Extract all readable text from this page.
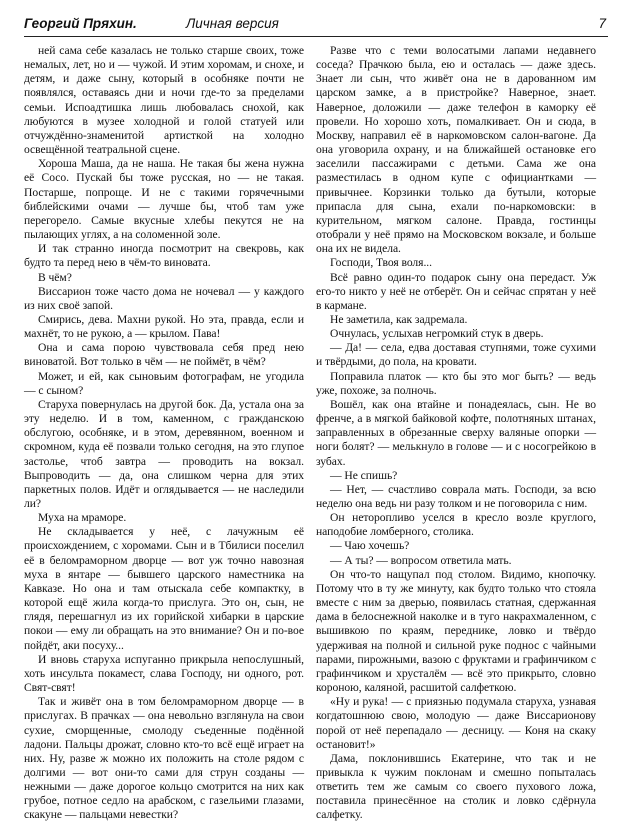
Георгий Пряхин.	Личная версия	7

ней сама себе казалась не только старше своих, тоже немалых, лет, но и — чужой. И этим хоромам, и снохе, и детям, и даже сыну, который в особняке почти не появлялся, оставаясь дни и ночи где-то за пределами семьи. Испоадтишка лишь любовалась снохой, как любуются в музее холодной и голой статуей или отчуждённо-знаменитой артисткой на холодно освещённой театральной сцене.

Хороша Маша, да не наша. Не такая бы жена нужна её Сосо. Пускай бы тоже русская, но — не такая. Постарше, попроще. И не с такими горячечными библейскими очами — лучше бы, чтоб там уже перегорело. Самые вкусные хлебы пекутся не на пылающих углях, а на соломенной золе.

И так странно иногда посмотрит на свекровь, как будто та перед нею в чём-то виновата.

В чём?

Виссарион тоже часто дома не ночевал — у каждого из них своё запой.

Смирись, дева. Махни рукой. Но эта, правда, если и махнёт, то не рукою, а — крылом. Пава!

Она и сама порою чувствовала себя пред нею виноватой. Вот только в чём — не поймёт, в чём?

Может, и ей, как сыновьим фотографам, не угодила — с сыном?

Старуха повернулась на другой бок. Да, устала она за эту неделю. И в том, каменном, с гражданскою обслугою, особняке, и в этом, деревянном, военном и скромном, куда её позвали только сегодня, на это глупое застолье, чтоб завтра — проводить на вокзал. Выпроводить — да, она слишком черна для этих паркетных полов. Идёт и оглядывается — не наследили ли?

Муха на мраморе.

Не складывается у неё, с лачужным её происхождением, с хоромами. Сын и в Тбилиси поселил её в беломраморном дворце — вот уж точно навозная муха в янтаре — бывшего царского наместника на Кавказе. Но она и там отыскала себе компактку, в которой ещё жила когда-то прислуга. Это он, сын, не глядя, перешагнул из их горийской хибарки в царские покои — ему ли обращать на это внимание? Он и по-вое пойдёт, аки посуху...

И вновь старуха испуганно прикрыла непослушный, хоть инсульта покамест, слава Господу, ни одного, рот. Свят-свят!

Так и живёт она в том беломраморном дворце — в прислугах. В прачках — она невольно взглянула на свои сухие, сморщенные, смолоду съеденные подённой ладони. Пальцы дрожат, словно кто-то всё ещё играет на них. Ну, разве ж можно их положить на столе рядом с долгими — вот они-то сами для струн созданы — нежными — даже дорогое кольцо смотрится на них как грубое, потное седло на арабском, с газельими глазами, скакуне — пальцами невестки?

Разве что с теми волосатыми лапами недавнего соседа? Прачкою была, ею и осталась — даже здесь. Знает ли сын, что живёт она не в дарованном им царском замке, а в пристройке? Наверное, знает. Наверное, доложили — даже телефон в каморку её провели. Но хорошо хоть, помалкивает. Он и сюда, в Москву, направил её в наркомовском салон-вагоне. Да она уговорила охрану, и на ближайшей остановке его заселили пассажирами с детьми. Сама же она разместилась в одном купе с официантками — привычнее. Корзинки только да бутыли, которые припасла для сына, ехали по-наркомовски: в курительном, мягком салоне. Правда, гостинцы отобрали у неё прямо на Московском вокзале, и больше она их не видела.

Господи, Твоя воля...

Всё равно один-то подарок сыну она передаст. Уж его-то никто у неё не отберёт. Он и сейчас спрятан у неё в кармане.

Не заметила, как задремала.

Очнулась, услыхав негромкий стук в дверь.

— Да! — села, едва доставая ступнями, тоже сухими и твёрдыми, до пола, на кровати.

Поправила платок — кто бы это мог быть? — ведь уже, похоже, за полночь.

Вошёл, как она втайне и понадеялась, сын. Не во френче, а в мягкой байковой кофте, полотняных штанах, заправленных в обрезанные сверху валяные опорки — ноги болят? — мелькнуло в голове — и с носогрейкою в зубах.

— Не спишь?

— Нет, — счастливо соврала мать. Господи, за всю неделю она ведь ни разу толком и не поговорила с ним.

Он неторопливо уселся в кресло возле круглого, наподобие ломберного, столика.

— Чаю хочешь?

— А ты? — вопросом ответила мать.

Он что-то нащупал под столом. Видимо, кнопочку. Потому что в ту же минуту, как будто только что стояла вместе с ним за дверью, появилась статная, сдержанная дама в белоснежной наколке и в туго накрахмаленном, с вышивкою по краям, переднике, ловко и твёрдо удерживая на полной и сильной руке поднос с чайными парами, пирожными, вазою с фруктами и графинчиком с графинчиком и хрусталём — всё это прикрыто, словно короною, каляной, расшитой салфеткою.

«Ну и рука! — с приязнью подумала старуха, узнавая когдатошнюю свою, молодую — даже Виссарионову порой от неё перепадало — десницу. — Коня на скаку остановит!»

Дама, поклонившись Екатерине, что так и не привыкла к чужим поклонам и смешно попыталась ответить тем же самым со своего пухового ложа, поставила принесённое на столик и ловко сдёрнула салфетку.
